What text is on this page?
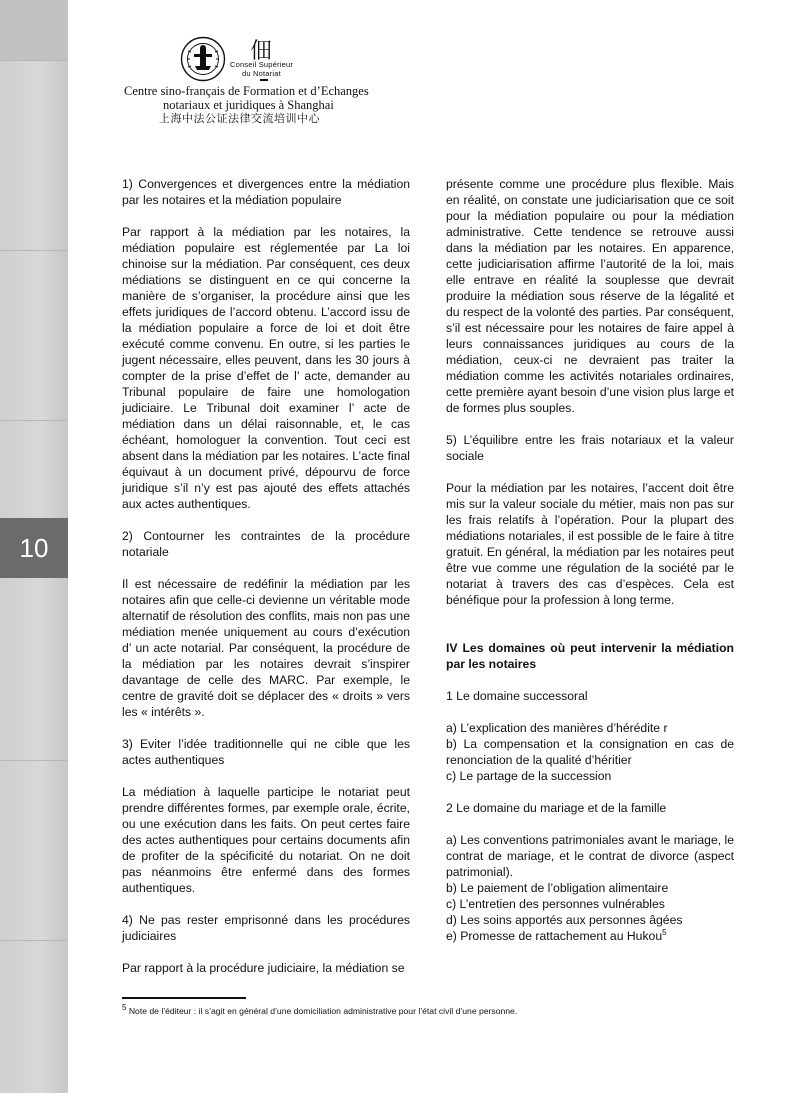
10
佃
Conseil Supérieur
du Notariat
Centre sino-français de Formation et d’Echanges
notariaux et juridiques à Shanghai
上海中法公证法律交流培训中心

1) Convergences et divergences entre la médiation par les notaires et la médiation populaire

Par rapport à la médiation par les notaires, la médiation populaire est réglementée par La loi chinoise sur la médiation. Par conséquent, ces deux médiations se distinguent en ce qui concerne la manière de s’organiser, la procédure ainsi que les effets juridiques de l’accord obtenu. L’accord issu de la médiation populaire a force de loi et doit être exécuté comme convenu. En outre, si les parties le jugent nécessaire, elles peuvent, dans les 30 jours à compter de la prise d’effet de l’ acte, demander au Tribunal populaire de faire une homologation judiciaire. Le Tribunal doit examiner l’ acte de médiation dans un délai raisonnable, et, le cas échéant, homologuer la convention. Tout ceci est absent dans la médiation par les notaires. L’acte final équivaut à un document privé, dépourvu de force juridique s’il n’y est pas ajouté des effets attachés aux actes authentiques.

2) Contourner les contraintes de la procédure notariale

Il est nécessaire de redéfinir la médiation par les notaires afin que celle-ci devienne un véritable mode alternatif de résolution des conflits, mais non pas une médiation menée uniquement au cours d’exécution d’ un acte notarial. Par conséquent, la procédure de la médiation par les notaires devrait s’inspirer davantage de celle des MARC. Par exemple, le centre de gravité doit se déplacer des « droits » vers les « intérêts ».

3) Eviter l’idée traditionnelle qui ne cible que les actes authentiques

La médiation à laquelle participe le notariat peut prendre différentes formes, par exemple orale, écrite, ou une exécution dans les faits. On peut certes faire des actes authentiques pour certains documents afin de profiter de la spécificité du notariat. On ne doit pas néanmoins être enfermé dans des formes authentiques.

4) Ne pas rester emprisonné dans les procédures judiciaires

Par rapport à la procédure judiciaire, la médiation se

présente comme une procédure plus flexible. Mais en réalité, on constate une judiciarisation que ce soit pour la médiation populaire ou pour la médiation administrative. Cette tendence se retrouve aussi dans la médiation par les notaires. En apparence, cette judiciarisation affirme l’autorité de la loi, mais elle entrave en réalité la souplesse que devrait produire la médiation sous réserve de la légalité et du respect de la volonté des parties. Par conséquent, s’il est nécessaire pour les notaires de faire appel à leurs connaissances juridiques au cours de la médiation, ceux-ci ne devraient pas traiter la médiation comme les activités notariales ordinaires, cette première ayant besoin d’une vision plus large et de formes plus souples.

5) L’équilibre entre les frais notariaux et la valeur sociale

Pour la médiation par les notaires, l’accent doit être mis sur la valeur sociale du métier, mais non pas sur les frais relatifs à l’opération. Pour la plupart des médiations notariales, il est possible de le faire à titre gratuit. En général, la médiation par les notaires peut être vue comme une régulation de la société par le notariat à travers des cas d’espèces. Cela est bénéfique pour la profession à long terme.

IV Les domaines où peut intervenir la médiation par les notaires

1 Le domaine successoral

a) L’explication des manières d’hérédite r

b) La compensation et la consignation en cas de renonciation de la qualité d’héritier

c) Le partage de la succession

2 Le domaine du mariage et de la famille

a) Les conventions patrimoniales avant le mariage, le contrat de mariage, et le contrat de divorce (aspect patrimonial).

b) Le paiement de l’obligation alimentaire

c) L’entretien des personnes vulnérables

d) Les soins apportés aux personnes âgées

e) Promesse de rattachement au Hukou$^5$

$^5$ Note de l’éditeur : il s’agit en général d’une domiciliation administrative pour l’état civil d’une personne.
